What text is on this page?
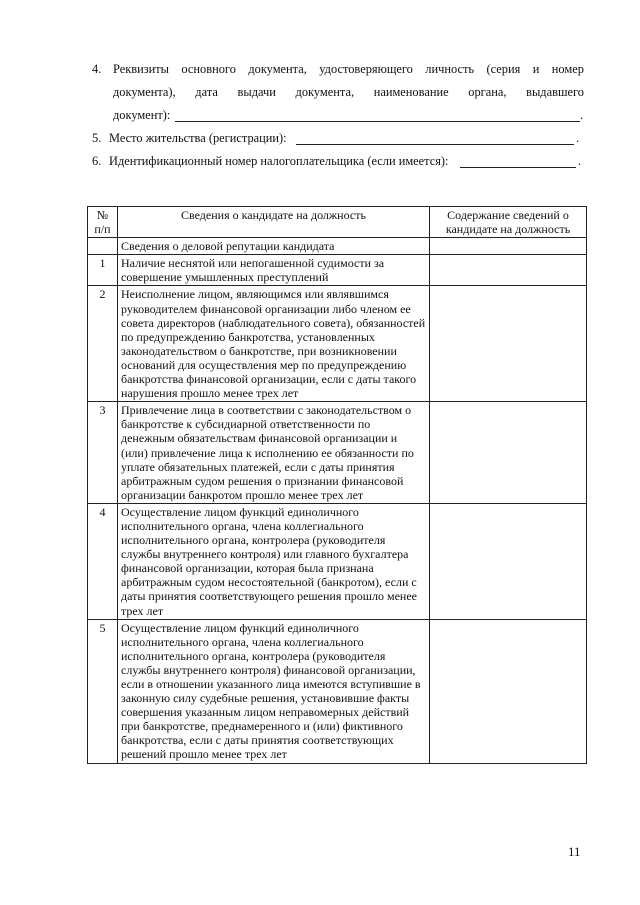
4. Реквизиты основного документа, удостоверяющего личность (серия и номер
документа), дата выдачи документа, наименование органа, выдавшего
документ):	.
5. Место жительства (регистрации):	.
6. Идентификационный номер налогоплательщика (если имеется):	.
№ п/п	Сведения о кандидате на должность	Содержание сведений о кандидате на должность
	Сведения о деловой репутации кандидата	
1	Наличие неснятой или непогашенной судимости за совершение умышленных преступлений	
2	Неисполнение лицом, являющимся или являвшимся руководителем финансовой организации либо членом ее совета директоров (наблюдательного совета), обязанностей по предупреждению банкротства, установленных законодательством о банкротстве, при возникновении оснований для осуществления мер по предупреждению банкротства финансовой организации, если с даты такого нарушения прошло менее трех лет	
3	Привлечение лица в соответствии с законодательством о банкротстве к субсидиарной ответственности по денежным обязательствам финансовой организации и (или) привлечение лица к исполнению ее обязанности по уплате обязательных платежей, если с даты принятия арбитражным судом решения о признании финансовой организации банкротом прошло менее трех лет	
4	Осуществление лицом функций единоличного исполнительного органа, члена коллегиального исполнительного органа, контролера (руководителя службы внутреннего контроля) или главного бухгалтера финансовой организации, которая была признана арбитражным судом несостоятельной (банкротом), если с даты принятия соответствующего решения прошло менее трех лет	
5	Осуществление лицом функций единоличного исполнительного органа, члена коллегиального исполнительного органа, контролера (руководителя службы внутреннего контроля) финансовой организации, если в отношении указанного лица имеются вступившие в законную силу судебные решения, установившие факты совершения указанным лицом неправомерных действий при банкротстве, преднамеренного и (или) фиктивного банкротства, если с даты принятия соответствующих решений прошло менее трех лет	
11
